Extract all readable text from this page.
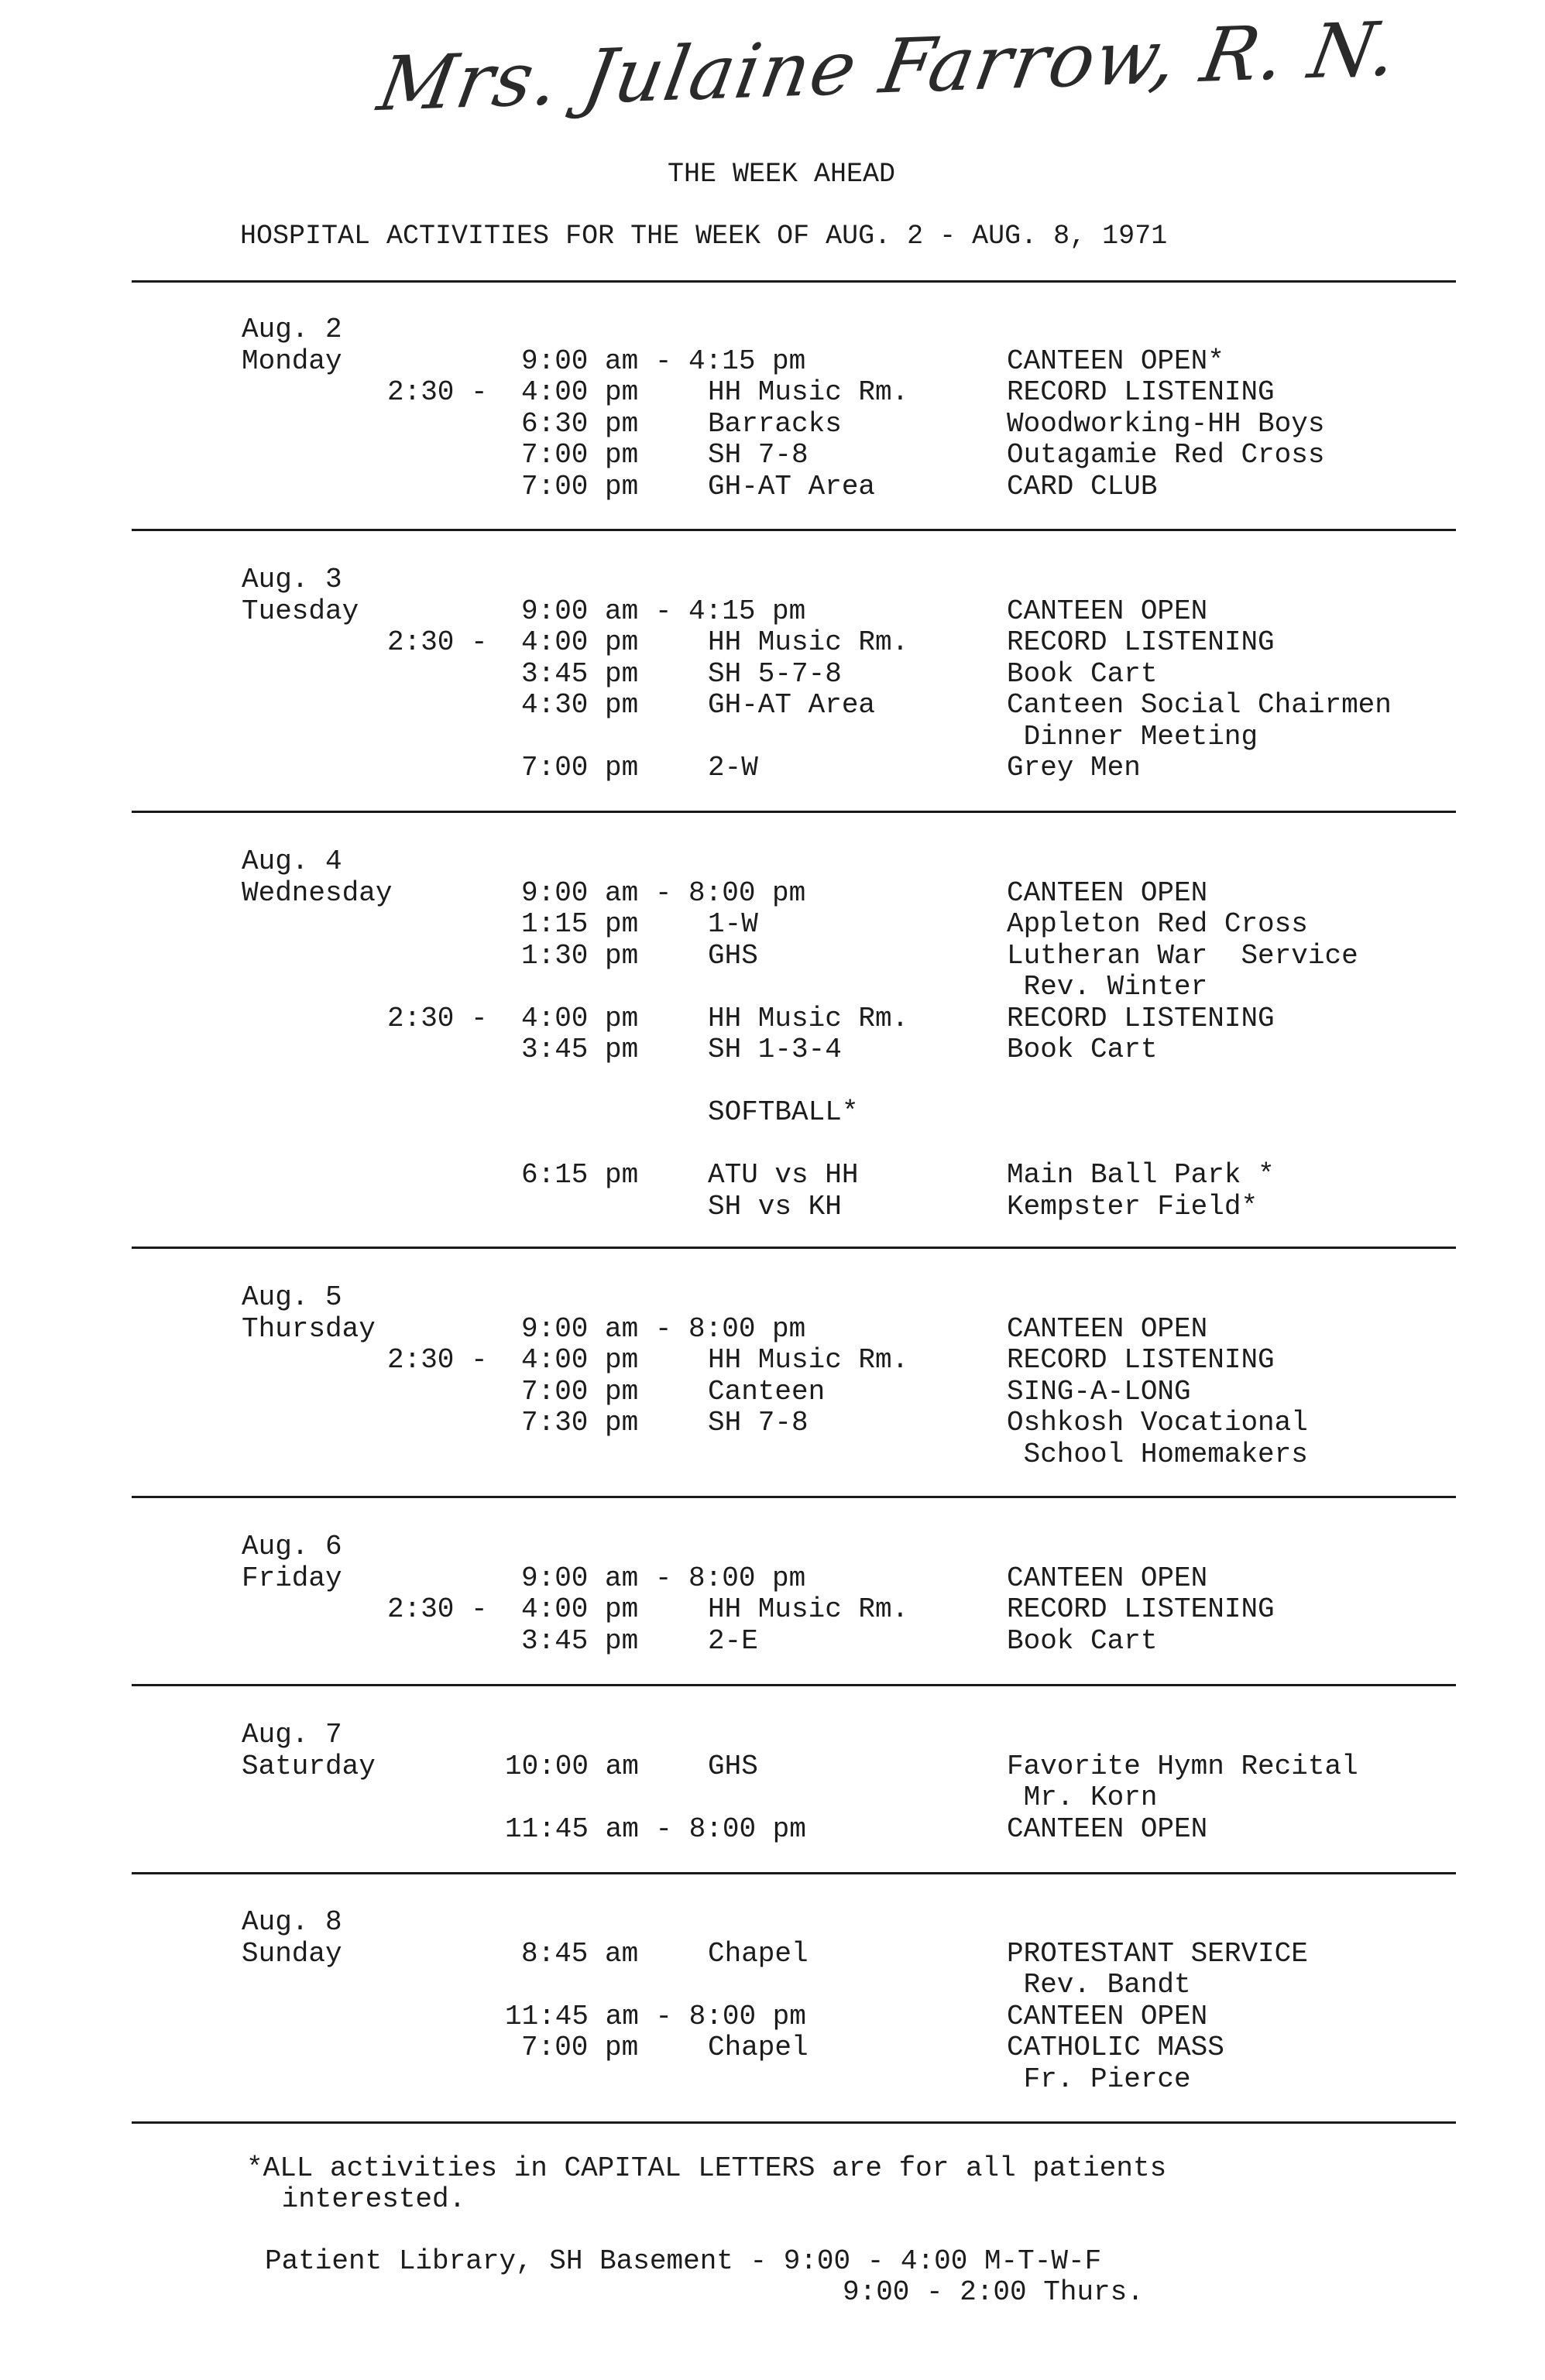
Mrs. Julaine Farrow, R. N.
THE WEEK AHEAD
HOSPITAL ACTIVITIES FOR THE WEEK OF AUG. 2 - AUG. 8, 1971
Aug. 2
Monday	9:00 am - 4:15 pm	CANTEEN OPEN*
2:30 - 4:00 pm HH Music Rm.	RECORD LISTENING
6:30 pm Barracks	Woodworking-HH Boys
7:00 pm SH 7-8	Outagamie Red Cross
7:00 pm GH-AT Area	CARD CLUB
Aug. 3
Tuesday	9:00 am - 4:15 pm	CANTEEN OPEN
2:30 - 4:00 pm HH Music Rm.	RECORD LISTENING
3:45 pm SH 5-7-8	Book Cart
4:30 pm GH-AT Area	Canteen Social Chairmen
Dinner Meeting
7:00 pm 2-W	Grey Men
Aug. 4
Wednesday	9:00 am - 8:00 pm	CANTEEN OPEN
1:15 pm 1-W	Appleton Red Cross
1:30 pm GHS	Lutheran War  Service
Rev. Winter
2:30 - 4:00 pm HH Music Rm.	RECORD LISTENING
3:45 pm SH 1-3-4	Book Cart
SOFTBALL*
6:15 pm ATU vs HH	Main Ball Park *
SH vs KH	Kempster Field*
Aug. 5
Thursday	9:00 am - 8:00 pm	CANTEEN OPEN
2:30 - 4:00 pm HH Music Rm.	RECORD LISTENING
7:00 pm Canteen	SING-A-LONG
7:30 pm SH 7-8	Oshkosh Vocational
School Homemakers
Aug. 6
Friday	9:00 am - 8:00 pm	CANTEEN OPEN
2:30 - 4:00 pm HH Music Rm.	RECORD LISTENING
3:45 pm 2-E	Book Cart
Aug. 7
Saturday	10:00 am GHS	Favorite Hymn Recital
Mr. Korn
11:45 am - 8:00 pm	CANTEEN OPEN
Aug. 8
Sunday	8:45 am Chapel	PROTESTANT SERVICE
Rev. Bandt
11:45 am - 8:00 pm	CANTEEN OPEN
7:00 pm Chapel	CATHOLIC MASS
Fr. Pierce
*ALL activities in CAPITAL LETTERS are for all patients
interested.
Patient Library, SH Basement - 9:00 - 4:00 M-T-W-F
9:00 - 2:00 Thurs.
